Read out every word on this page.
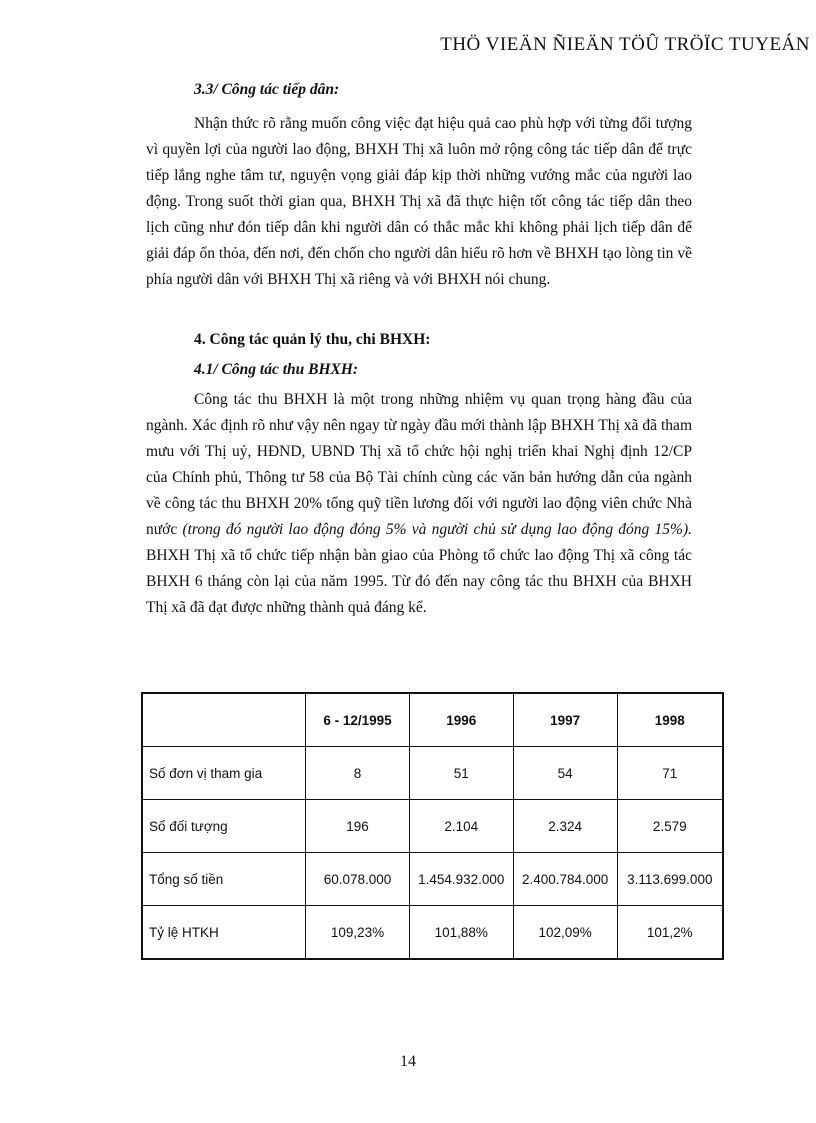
THÖ VIEÄN ÑIEÄN TÖÛ TRÖÏC TUYEÁN
3.3/ Công tác tiếp dân:

Nhận thức rõ rằng muốn công việc đạt hiệu quả cao phù hợp với từng đối tượng vì quyền lợi của người lao động, BHXH Thị xã luôn mở rộng công tác tiếp dân để trực tiếp lắng nghe tâm tư, nguyện vọng giải đáp kịp thời những vướng mắc của người lao động. Trong suốt thời gian qua, BHXH Thị xã đã thực hiện tốt công tác tiếp dân theo lịch cũng như đón tiếp dân khi người dân có thắc mắc khi không phải lịch tiếp dân để giải đáp ổn thỏa, đến nơi, đến chốn cho người dân hiểu rõ hơn về BHXH tạo lòng tin về phía người dân với BHXH Thị xã riêng và với BHXH nói chung.

4. Công tác quản lý thu, chi BHXH:
4.1/ Công tác thu BHXH:

Công tác thu BHXH là một trong những nhiệm vụ quan trọng hàng đầu của ngành. Xác định rõ như vậy nên ngay từ ngày đầu mới thành lập BHXH Thị xã đã tham mưu với Thị uỷ, HĐND, UBND Thị xã tổ chức hội nghị triển khai Nghị định 12/CP của Chính phủ, Thông tư 58 của Bộ Tài chính cùng các văn bản hướng dẫn của ngành về công tác thu BHXH 20% tổng quỹ tiền lương đối với người lao động viên chức Nhà nước (trong đó người lao động đóng 5% và người chủ sử dụng lao động đóng 15%). BHXH Thị xã tổ chức tiếp nhận bàn giao của Phòng tổ chức lao động Thị xã công tác BHXH 6 tháng còn lại của năm 1995. Từ đó đến nay công tác thu BHXH của BHXH Thị xã đã đạt được những thành quả đáng kể.

	6 - 12/1995	1996	1997	1998
Số đơn vị tham gia	8	51	54	71
Số đối tượng	196	2.104	2.324	2.579
Tổng số tiền	60.078.000	1.454.932.000	2.400.784.000	3.113.699.000
Tỷ lệ HTKH	109,23%	101,88%	102,09%	101,2%
14
